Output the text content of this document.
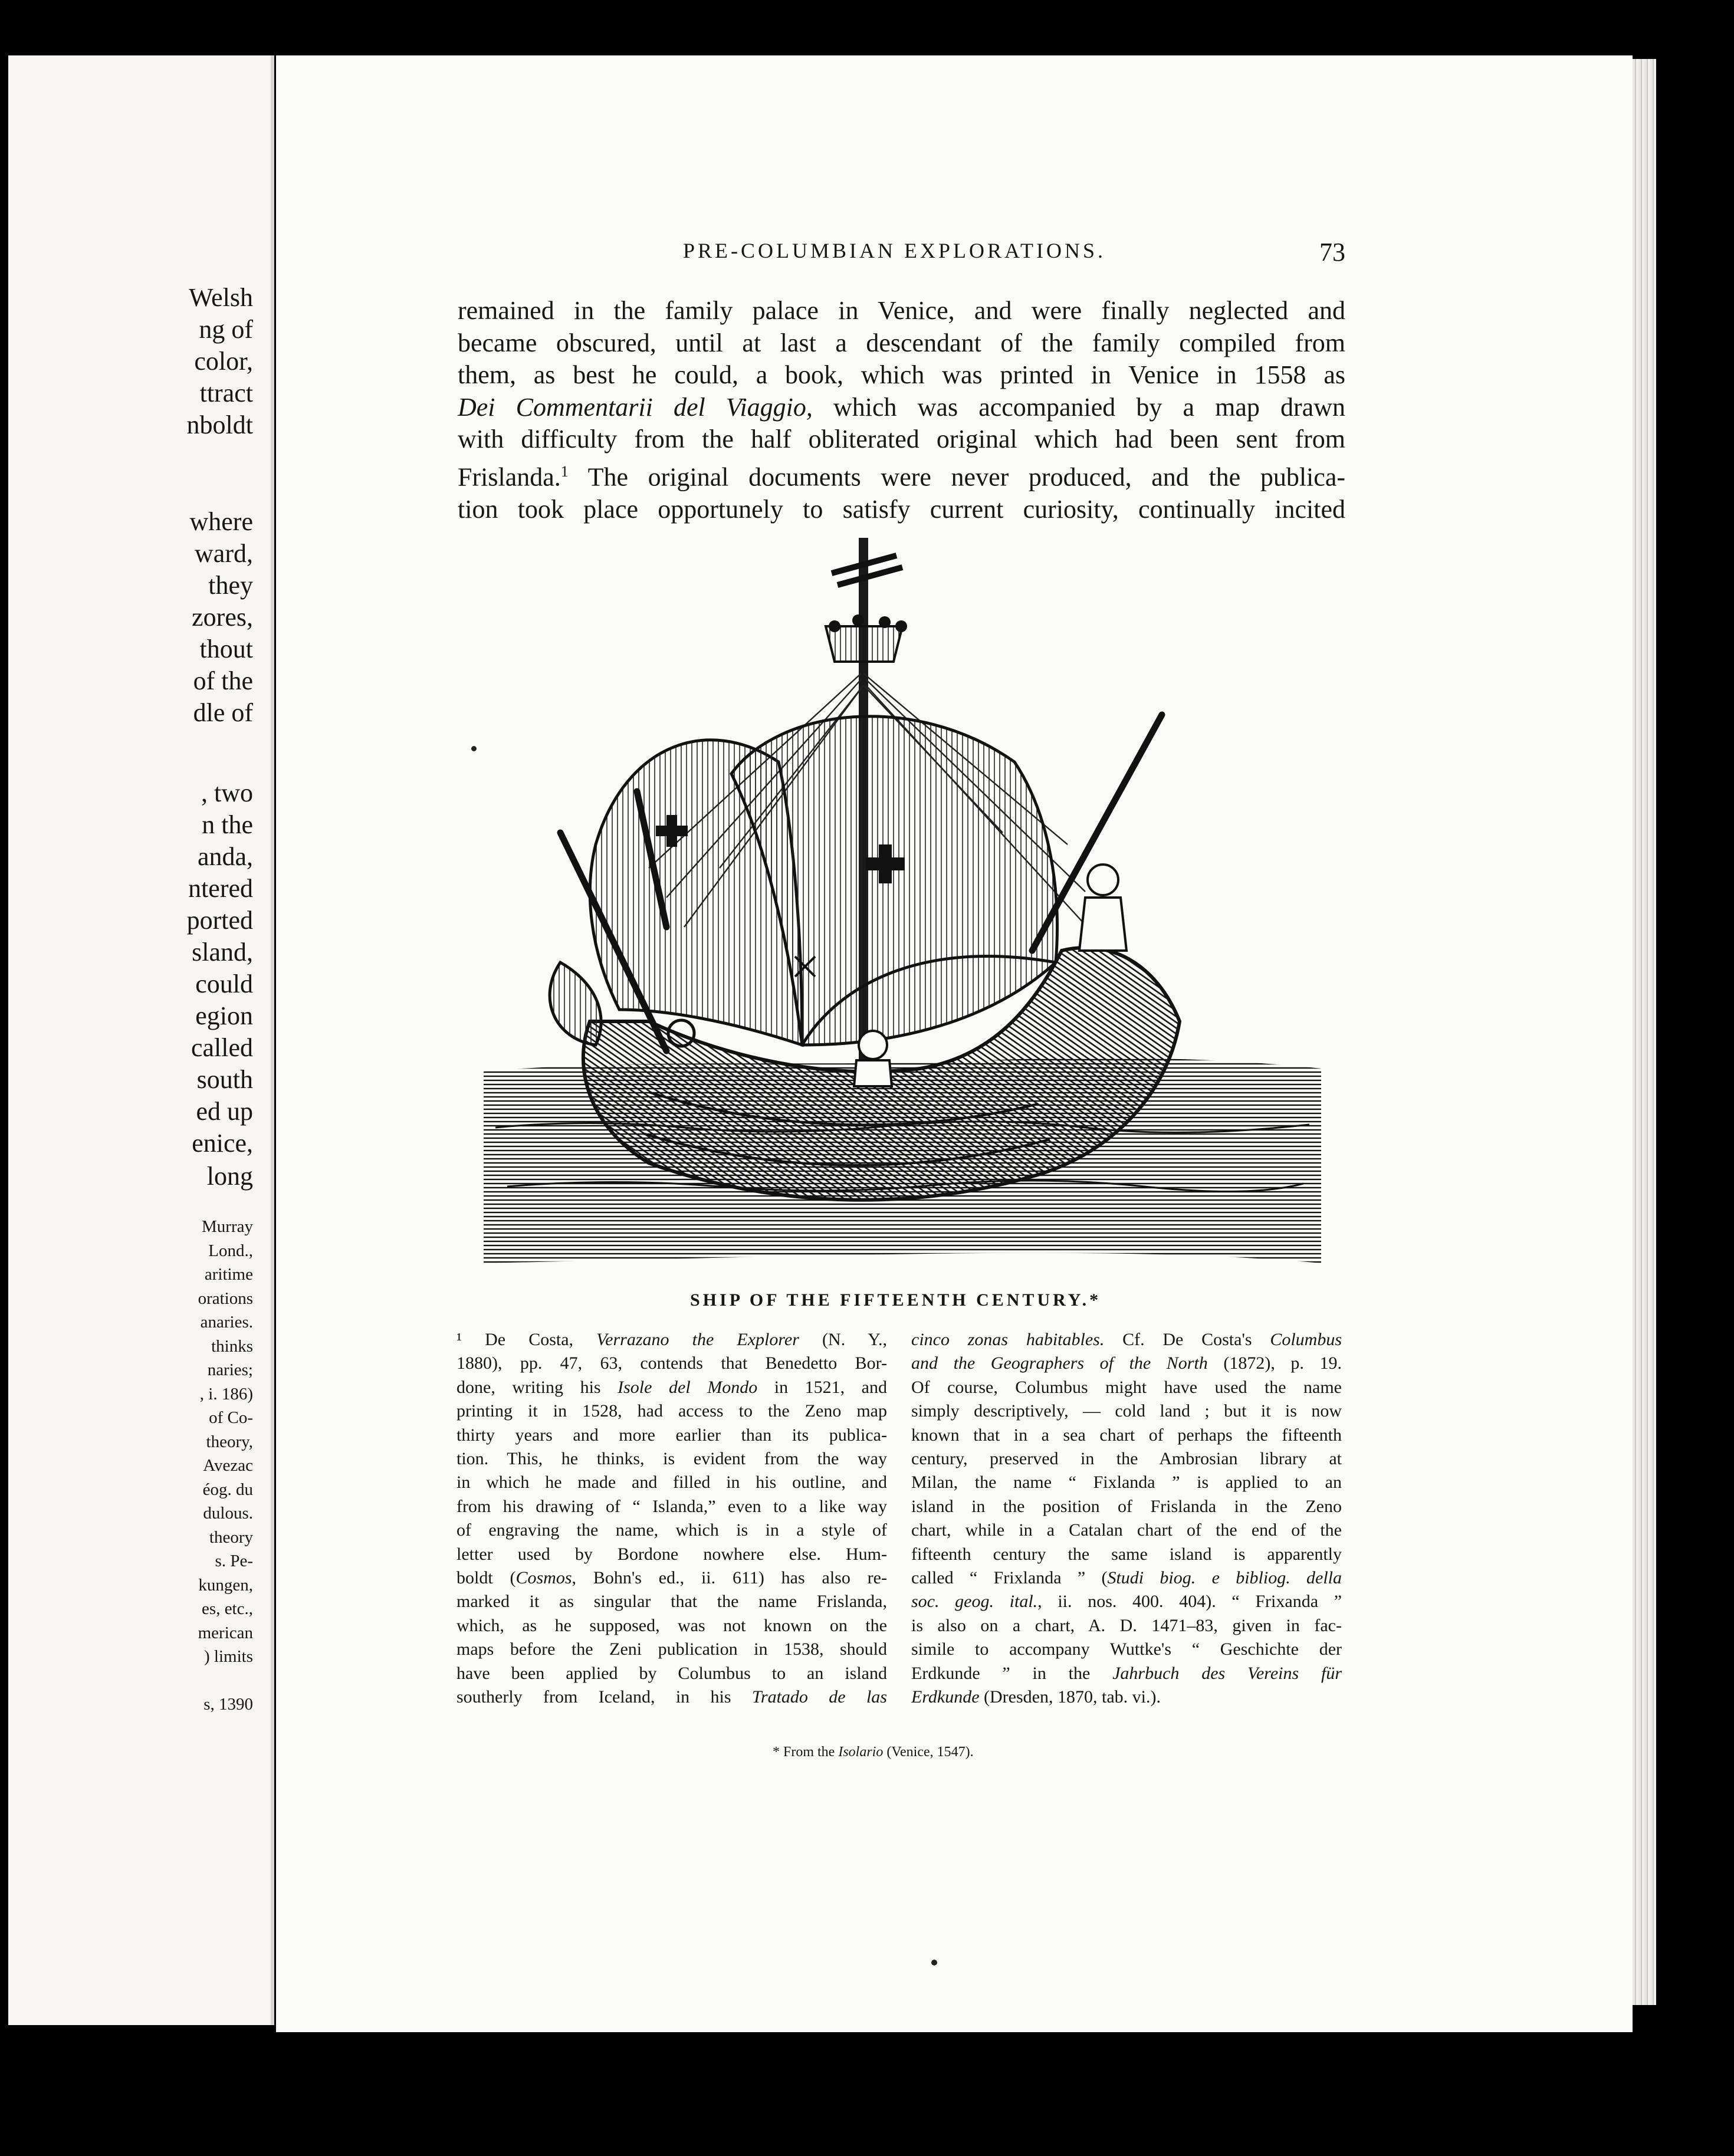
Welsh
ng of
color,
ttract
nboldt
where
ward,
they
zores,
thout
of the
dle of
, two
n the
anda,
ntered
ported
sland,
could
egion
called
south
ed up
enice,
long
Murray
Lond.,
aritime
orations
anaries.
thinks
naries;
, i. 186)
of Co-
theory,
Avezac
éog. du
dulous.
theory
s. Pe-
kungen,
es, etc.,
merican
) limits
s, 1390
PRE-COLUMBIAN EXPLORATIONS.	73
remained in the family palace in Venice, and were finally neglected and
became obscured, until at last a descendant of the family compiled from
them, as best he could, a book, which was printed in Venice in 1558 as
Dei Commentarii del Viaggio, which was accompanied by a map drawn
with difficulty from the half obliterated original which had been sent from
Frislanda.$^1$ The original documents were never produced, and the publica-
tion took place opportunely to satisfy current curiosity, continually incited
SHIP OF THE FIFTEENTH CENTURY.*
¹ De Costa, Verrazano the Explorer (N. Y.,
1880), pp. 47, 63, contends that Benedetto Bor-
done, writing his Isole del Mondo in 1521, and
printing it in 1528, had access to the Zeno map
thirty years and more earlier than its publica-
tion. This, he thinks, is evident from the way
in which he made and filled in his outline, and
from his drawing of “ Islanda,” even to a like way
of engraving the name, which is in a style of
letter used by Bordone nowhere else. Hum-
boldt (Cosmos, Bohn's ed., ii. 611) has also re-
marked it as singular that the name Frislanda,
which, as he supposed, was not known on the
maps before the Zeni publication in 1538, should
have been applied by Columbus to an island
southerly from Iceland, in his Tratado de las
cinco zonas habitables. Cf. De Costa's Columbus
and the Geographers of the North (1872), p. 19.
Of course, Columbus might have used the name
simply descriptively, — cold land ; but it is now
known that in a sea chart of perhaps the fifteenth
century, preserved in the Ambrosian library at
Milan, the name “ Fixlanda ” is applied to an
island in the position of Frislanda in the Zeno
chart, while in a Catalan chart of the end of the
fifteenth century the same island is apparently
called “ Frixlanda ” (Studi biog. e bibliog. della
soc. geog. ital., ii. nos. 400. 404). “ Frixanda ”
is also on a chart, A. D. 1471–83, given in fac-
simile to accompany Wuttke's “ Geschichte der
Erdkunde ” in the Jahrbuch des Vereins für
Erdkunde (Dresden, 1870, tab. vi.).
* From the Isolario (Venice, 1547).
